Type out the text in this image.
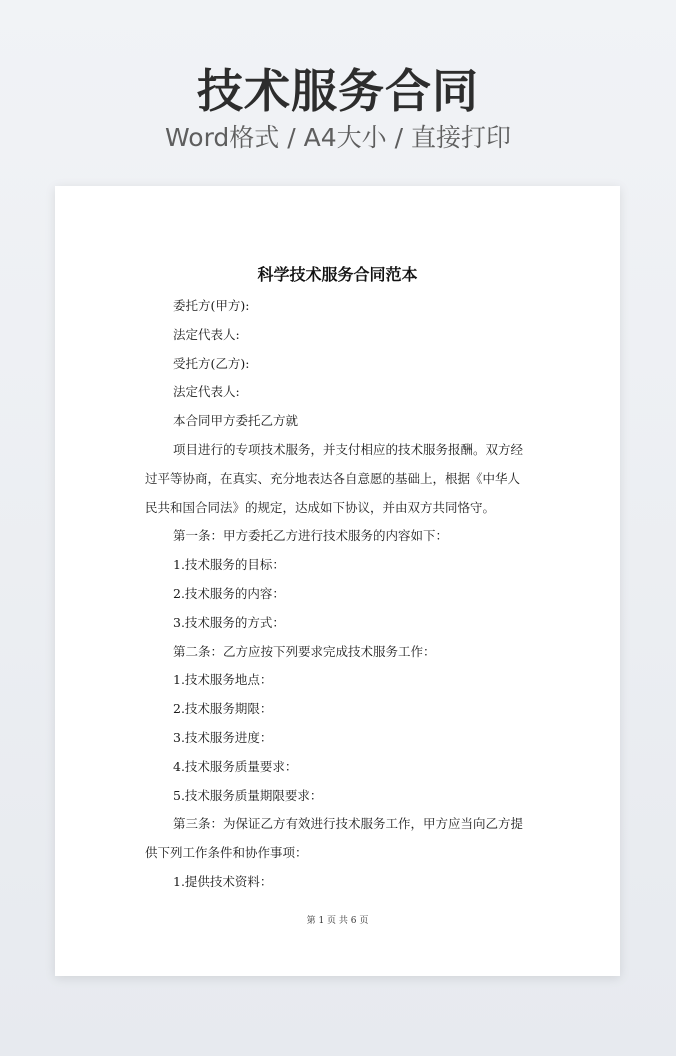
技术服务合同
Word格式 / A4大小 / 直接打印
科学技术服务合同范本
委托方(甲方):
法定代表人:
受托方(乙方):
法定代表人:
本合同甲方委托乙方就
项目进行的专项技术服务，并支付相应的技术服务报酬。双方经
过平等协商，在真实、充分地表达各自意愿的基础上，根据《中华人
民共和国合同法》的规定，达成如下协议，并由双方共同恪守。
第一条：甲方委托乙方进行技术服务的内容如下：
1.技术服务的目标：
2.技术服务的内容：
3.技术服务的方式：
第二条：乙方应按下列要求完成技术服务工作：
1.技术服务地点：
2.技术服务期限：
3.技术服务进度：
4.技术服务质量要求：
5.技术服务质量期限要求：
第三条：为保证乙方有效进行技术服务工作，甲方应当向乙方提
供下列工作条件和协作事项：
1.提供技术资料：
第 1 页 共 6 页
